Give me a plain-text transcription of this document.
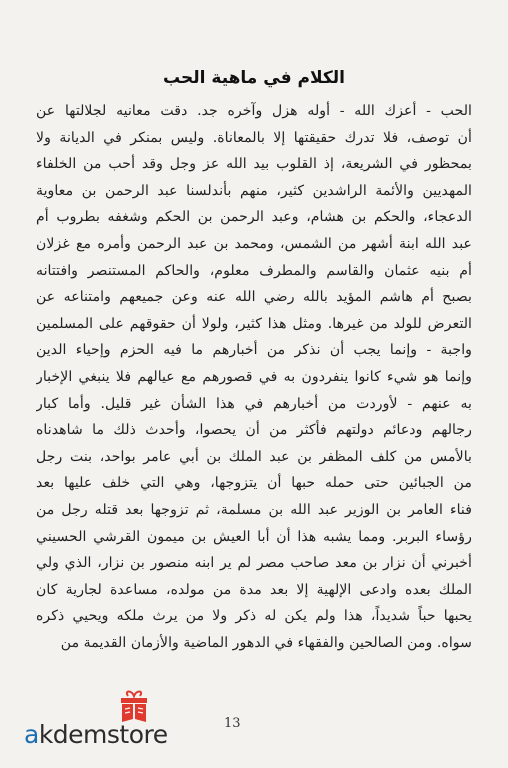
الكلام في ماهية الحب
الحب - أعزك الله - أوله هزل وآخره جد. دقت معانيه لجلالتها عن
أن توصف، فلا تدرك حقيقتها إلا بالمعاناة. وليس بمنكر في الديانة ولا
بمحظور في الشريعة، إذ القلوب بيد الله عز وجل وقد أحب من الخلفاء
المهديين والأئمة الراشدين كثير، منهم بأندلسنا عبد الرحمن بن معاوية
الدعجاء، والحكم بن هشام، وعبد الرحمن بن الحكم وشغفه بطروب أم
عبد الله ابنة أشهر من الشمس، ومحمد بن عبد الرحمن وأمره مع غزلان
أم بنيه عثمان والقاسم والمطرف معلوم، والحاكم المستنصر وافتتانه
بصبح أم هاشم المؤيد بالله رضي الله عنه وعن جميعهم وامتناعه عن
التعرض للولد من غيرها. ومثل هذا كثير، ولولا أن حقوقهم على المسلمين
واجبة - وإنما يجب أن نذكر من أخبارهم ما فيه الحزم وإحياء الدين
وإنما هو شيء كانوا ينفردون به في قصورهم مع عيالهم فلا ينبغي الإخبار
به عنهم - لأوردت من أخبارهم في هذا الشأن غير قليل. وأما كبار
رجالهم ودعائم دولتهم فأكثر من أن يحصوا، وأحدث ذلك ما شاهدناه
بالأمس من كلف المظفر بن عبد الملك بن أبي عامر بواحد، بنت رجل
من الجبائين حتى حمله حبها أن يتزوجها، وهي التي خلف عليها بعد
فناء العامر بن الوزير عبد الله بن مسلمة، ثم تزوجها بعد قتله رجل من
رؤساء البربر. ومما يشبه هذا أن أبا العيش بن ميمون القرشي الحسيني
أخبرني أن نزار بن معد صاحب مصر لم ير ابنه منصور بن نزار، الذي ولي
الملك بعده وادعى الإلهية إلا بعد مدة من مولده، مساعدة لجارية كان
يحبها حباً شديداً، هذا ولم يكن له ذكر ولا من يرث ملكه ويحيي ذكره
سواه. ومن الصالحين والفقهاء في الدهور الماضية والأزمان القديمة من
akdemstore	13
